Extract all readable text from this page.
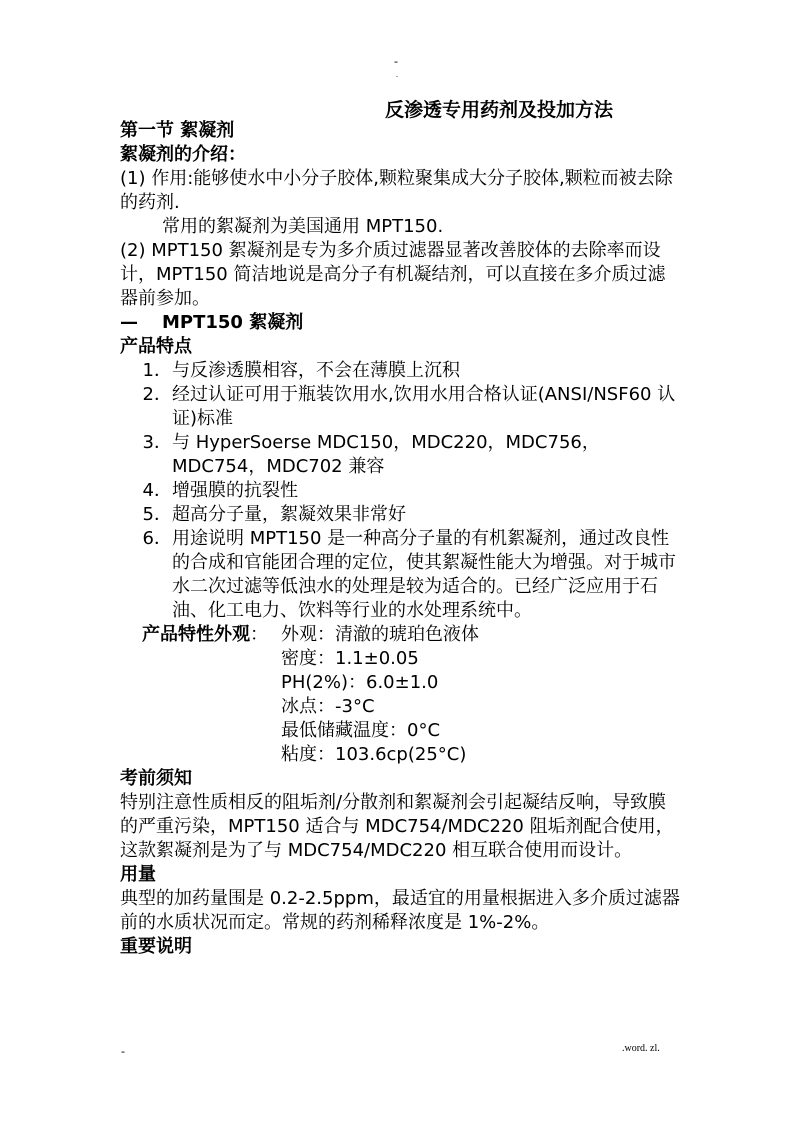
-
.
反渗透专用药剂及投加方法

第一节 絮凝剂

絮凝剂的介绍：

(1) 作用:能够使水中小分子胶体,颗粒聚集成大分子胶体,颗粒而被去除的药剂.

常用的絮凝剂为美国通用 MPT150.

(2) MPT150 絮凝剂是专为多介质过滤器显著改善胶体的去除率而设计，MPT150 简洁地说是高分子有机凝结剂，可以直接在多介质过滤器前参加。

—	MPT150 絮凝剂

产品特点

1 ．	与反渗透膜相容，不会在薄膜上沉积
2 ．	经过认证可用于瓶装饮用水,饮用水用合格认证(ANSI/NSF60 认证)标准
3 ．	与 HyperSoerse MDC150，MDC220，MDC756，MDC754，MDC702 兼容
4 ．	增强膜的抗裂性
5 ．	超高分子量，絮凝效果非常好
6 ．	用途说明 MPT150 是一种高分子量的有机絮凝剂，通过改良性的合成和官能团合理的定位，使其絮凝性能大为增强。对于城市水二次过滤等低浊水的处理是较为适合的。已经广泛应用于石油、化工电力、饮料等行业的水处理系统中。
产品特性外观： 外观：清澈的琥珀色液体

密度：1.1±0.05

PH(2%)：6.0±1.0

冰点：-3°C

最低储藏温度：0°C

粘度：103.6cp(25°C)

考前须知

特别注意性质相反的阻垢剂/分散剂和絮凝剂会引起凝结反响，导致膜的严重污染，MPT150 适合与 MDC754/MDC220 阻垢剂配合使用，这款絮凝剂是为了与 MDC754/MDC220 相互联合使用而设计。

用量

典型的加药量围是 0.2-2.5ppm，最适宜的用量根据进入多介质过滤器前的水质状况而定。常规的药剂稀释浓度是 1%-2%。

重要说明

-	.word. zl.
